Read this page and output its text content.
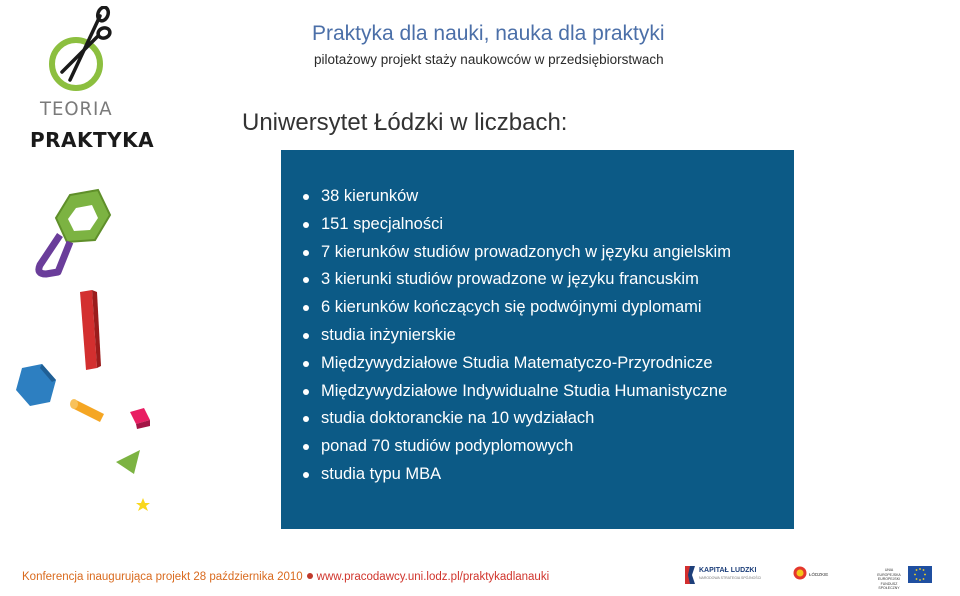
TEORIA
PRAKTYKA
Praktyka dla nauki, nauka dla praktyki
pilotażowy projekt staży naukowców w przedsiębiorstwach
Uniwersytet Łódzki w liczbach:
38 kierunków
151 specjalności
7 kierunków studiów prowadzonych w języku angielskim
3 kierunki studiów prowadzone w języku francuskim
6 kierunków kończących się podwójnymi dyplomami
studia inżynierskie
Międzywydziałowe Studia Matematyczo-Przyrodnicze
Międzywydziałowe Indywidualne Studia Humanistyczne
studia doktoranckie na 10 wydziałach
ponad 70 studiów podyplomowych
studia typu MBA
Konferencja inaugurująca projekt 28 października 2010 www.pracodawcy.uni.lodz.pl/praktykadlanauki
KAPITAŁ LUDZKI
NARODOWA STRATEGIA SPÓJNOŚCI
ŁÓDZKIE
UNIA EUROPEJSKA EUROPEJSKI FUNDUSZ SPOŁECZNY
